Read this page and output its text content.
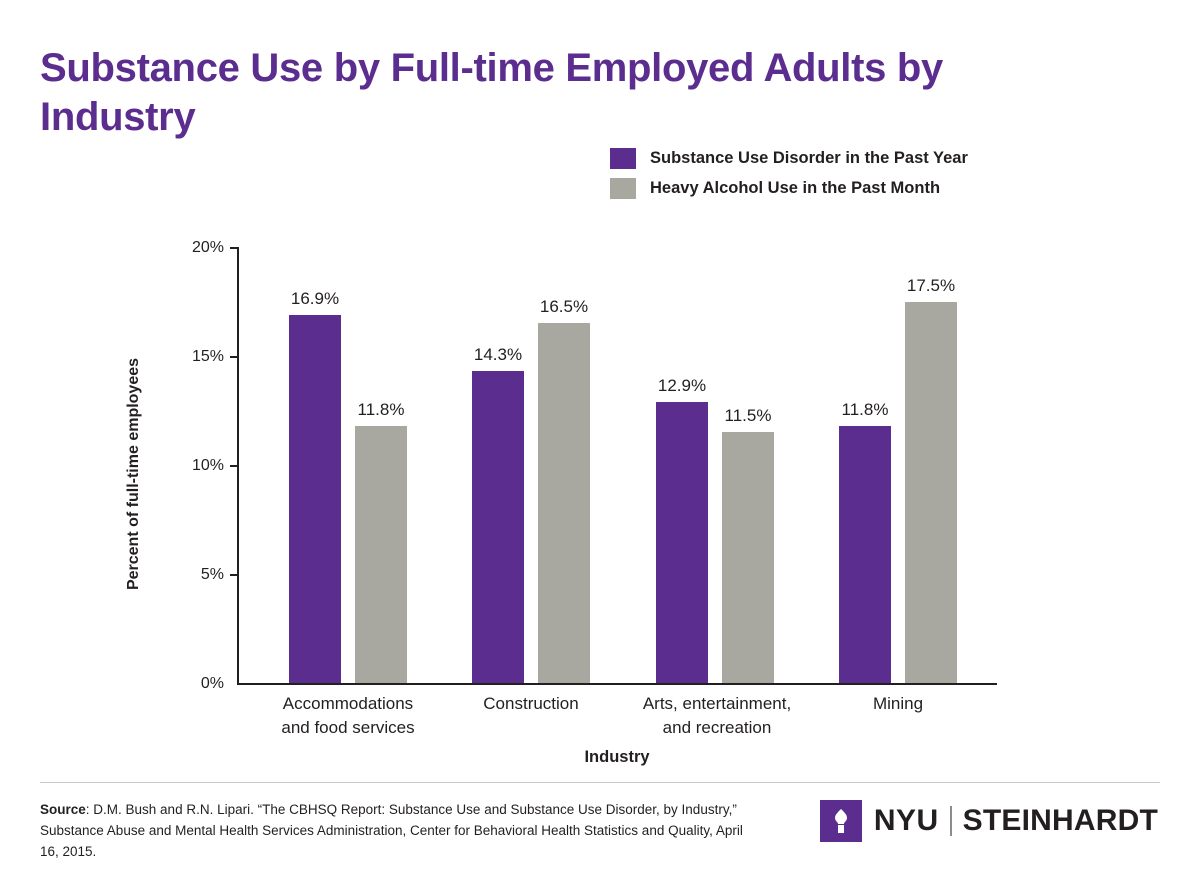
Substance Use by Full-time Employed Adults by Industry
Substance Use Disorder in the Past Year
Heavy Alcohol Use in the Past Month
Percent of full-time employees
Industry
0%
5%
10%
15%
20%
16.9%
11.8%
Accommodations
and food services
14.3%
16.5%
Construction
12.9%
11.5%
Arts, entertainment,
and recreation
11.8%
17.5%
Mining
Source: D.M. Bush and R.N. Lipari. “The CBHSQ Report: Substance Use and Substance Use Disorder, by Industry,” Substance Abuse and Mental Health Services Administration, Center for Behavioral Health Statistics and Quality, April 16, 2015.
NYU STEINHARDT
